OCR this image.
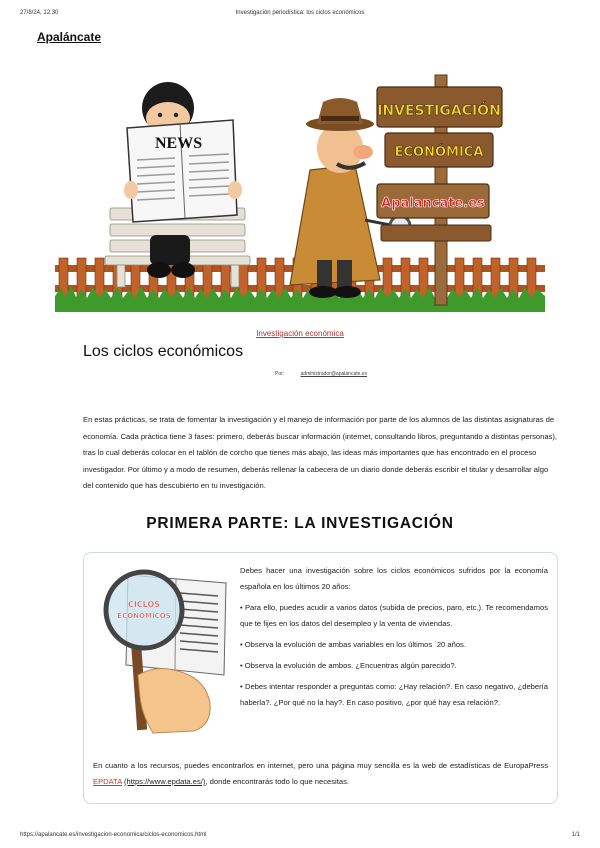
27/8/24, 12:30	Investigación periodística: los ciclos económicos
Apaláncate
NEWS
INVESTIGACIÓN
ECONÓMICA
Apalancate.es
Investigación económica
Los ciclos económicos
Por:	administrador@apalancate.es
En estas prácticas, se trata de fomentar la investigación y el manejo de información por parte de los alumnos de las distintas asignaturas de economía. Cada práctica tiene 3 fases: primero, deberás buscar información (internet, consultando libros, preguntando a distintas personas), tras lo cual deberás colocar en el tablón de corcho que tienes más abajo, las ideas más importantes que has encontrado en el proceso investigador. Por último y a modo de resumen, deberás rellenar la cabecera de un diario donde deberás escribir el titular y desarrollar algo del contenido que has descubierto en tu investigación.
PRIMERA PARTE: LA INVESTIGACIÓN
CICLOS
ECONÓMICOS

Debes hacer una investigación sobre los ciclos económicos sufridos por la economía española en los últimos 20 años:

• Para ello, puedes acudir a varios datos (subida de precios, paro, etc.). Te recomendamos que te fijes en los datos del desempleo y la venta de viviendas.

• Observa la evolución de ambas variables en los últimos ´20 años.

• Observa la evolución de ambos. ¿Encuentras algún parecido?.

• Debes intentar responder a preguntas como: ¿Hay relación?. En caso negativo, ¿debería haberla?. ¿Por qué no la hay?. En caso positivo, ¿por qué hay esa relación?.

En cuanto a los recursos, puedes encontrarlos en internet, pero una página muy sencilla es la web de estadísticas de EuropaPress EPDATA (https://www.epdata.es/), donde encontrarás todo lo que necesitas.
https://apalancate.es/investigacion-economica/ciclos-economicos.html	1/1
